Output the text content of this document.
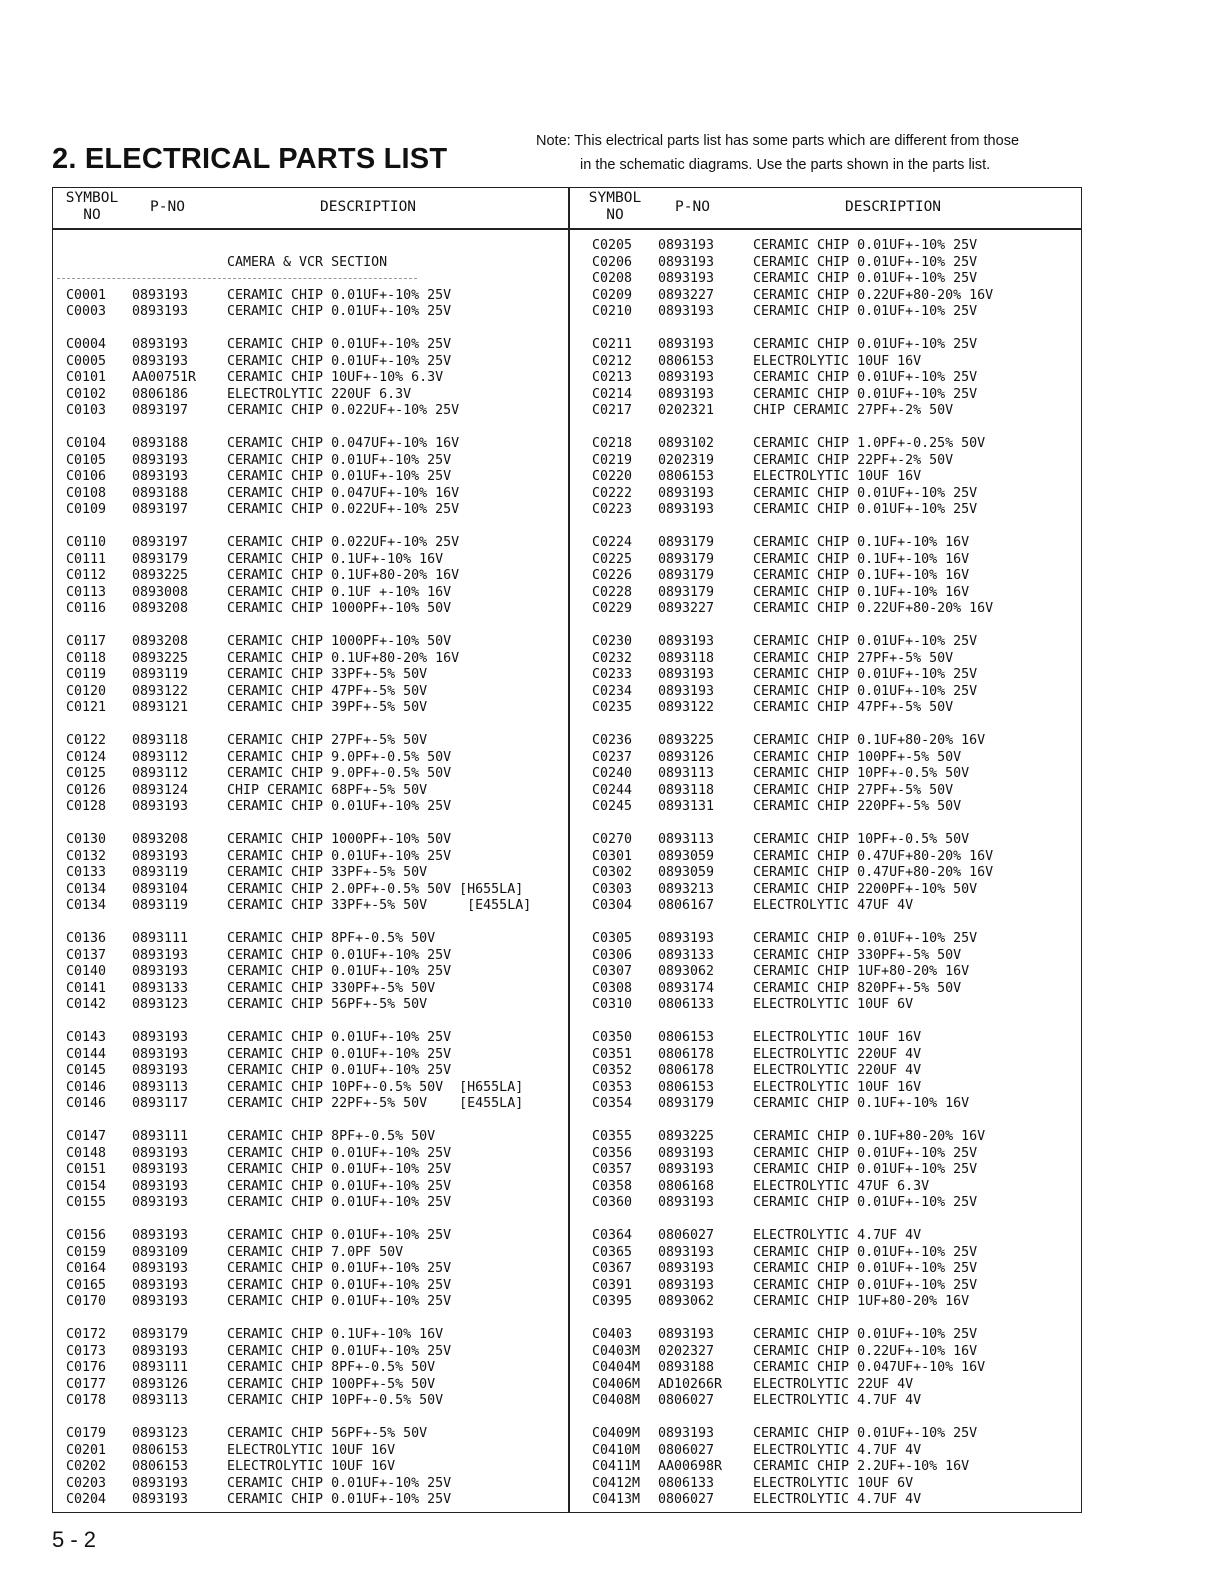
2. ELECTRICAL PARTS LIST
Note: This electrical parts list has some parts which are different from those
in the schematic diagrams. Use the parts shown in the parts list.
SYMBOL
NO	P-NO	DESCRIPTION
SYMBOL
NO	P-NO	DESCRIPTION
CAMERA & VCR SECTION
C0001	0893193	CERAMIC CHIP 0.01UF+-10% 25V
C0003	0893193	CERAMIC CHIP 0.01UF+-10% 25V
C0004	0893193	CERAMIC CHIP 0.01UF+-10% 25V
C0005	0893193	CERAMIC CHIP 0.01UF+-10% 25V
C0101	AA00751R	CERAMIC CHIP 10UF+-10% 6.3V
C0102	0806186	ELECTROLYTIC 220UF 6.3V
C0103	0893197	CERAMIC CHIP 0.022UF+-10% 25V
C0104	0893188	CERAMIC CHIP 0.047UF+-10% 16V
C0105	0893193	CERAMIC CHIP 0.01UF+-10% 25V
C0106	0893193	CERAMIC CHIP 0.01UF+-10% 25V
C0108	0893188	CERAMIC CHIP 0.047UF+-10% 16V
C0109	0893197	CERAMIC CHIP 0.022UF+-10% 25V
C0110	0893197	CERAMIC CHIP 0.022UF+-10% 25V
C0111	0893179	CERAMIC CHIP 0.1UF+-10% 16V
C0112	0893225	CERAMIC CHIP 0.1UF+80-20% 16V
C0113	0893008	CERAMIC CHIP 0.1UF +-10% 16V
C0116	0893208	CERAMIC CHIP 1000PF+-10% 50V
C0117	0893208	CERAMIC CHIP 1000PF+-10% 50V
C0118	0893225	CERAMIC CHIP 0.1UF+80-20% 16V
C0119	0893119	CERAMIC CHIP 33PF+-5% 50V
C0120	0893122	CERAMIC CHIP 47PF+-5% 50V
C0121	0893121	CERAMIC CHIP 39PF+-5% 50V
C0122	0893118	CERAMIC CHIP 27PF+-5% 50V
C0124	0893112	CERAMIC CHIP 9.0PF+-0.5% 50V
C0125	0893112	CERAMIC CHIP 9.0PF+-0.5% 50V
C0126	0893124	CHIP CERAMIC 68PF+-5% 50V
C0128	0893193	CERAMIC CHIP 0.01UF+-10% 25V
C0130	0893208	CERAMIC CHIP 1000PF+-10% 50V
C0132	0893193	CERAMIC CHIP 0.01UF+-10% 25V
C0133	0893119	CERAMIC CHIP 33PF+-5% 50V
C0134	0893104	CERAMIC CHIP 2.0PF+-0.5% 50V [H655LA]
C0134	0893119	CERAMIC CHIP 33PF+-5% 50V     [E455LA]
C0136	0893111	CERAMIC CHIP 8PF+-0.5% 50V
C0137	0893193	CERAMIC CHIP 0.01UF+-10% 25V
C0140	0893193	CERAMIC CHIP 0.01UF+-10% 25V
C0141	0893133	CERAMIC CHIP 330PF+-5% 50V
C0142	0893123	CERAMIC CHIP 56PF+-5% 50V
C0143	0893193	CERAMIC CHIP 0.01UF+-10% 25V
C0144	0893193	CERAMIC CHIP 0.01UF+-10% 25V
C0145	0893193	CERAMIC CHIP 0.01UF+-10% 25V
C0146	0893113	CERAMIC CHIP 10PF+-0.5% 50V  [H655LA]
C0146	0893117	CERAMIC CHIP 22PF+-5% 50V    [E455LA]
C0147	0893111	CERAMIC CHIP 8PF+-0.5% 50V
C0148	0893193	CERAMIC CHIP 0.01UF+-10% 25V
C0151	0893193	CERAMIC CHIP 0.01UF+-10% 25V
C0154	0893193	CERAMIC CHIP 0.01UF+-10% 25V
C0155	0893193	CERAMIC CHIP 0.01UF+-10% 25V
C0156	0893193	CERAMIC CHIP 0.01UF+-10% 25V
C0159	0893109	CERAMIC CHIP 7.0PF 50V
C0164	0893193	CERAMIC CHIP 0.01UF+-10% 25V
C0165	0893193	CERAMIC CHIP 0.01UF+-10% 25V
C0170	0893193	CERAMIC CHIP 0.01UF+-10% 25V
C0172	0893179	CERAMIC CHIP 0.1UF+-10% 16V
C0173	0893193	CERAMIC CHIP 0.01UF+-10% 25V
C0176	0893111	CERAMIC CHIP 8PF+-0.5% 50V
C0177	0893126	CERAMIC CHIP 100PF+-5% 50V
C0178	0893113	CERAMIC CHIP 10PF+-0.5% 50V
C0179	0893123	CERAMIC CHIP 56PF+-5% 50V
C0201	0806153	ELECTROLYTIC 10UF 16V
C0202	0806153	ELECTROLYTIC 10UF 16V
C0203	0893193	CERAMIC CHIP 0.01UF+-10% 25V
C0204	0893193	CERAMIC CHIP 0.01UF+-10% 25V
C0205	0893193	CERAMIC CHIP 0.01UF+-10% 25V
C0206	0893193	CERAMIC CHIP 0.01UF+-10% 25V
C0208	0893193	CERAMIC CHIP 0.01UF+-10% 25V
C0209	0893227	CERAMIC CHIP 0.22UF+80-20% 16V
C0210	0893193	CERAMIC CHIP 0.01UF+-10% 25V
C0211	0893193	CERAMIC CHIP 0.01UF+-10% 25V
C0212	0806153	ELECTROLYTIC 10UF 16V
C0213	0893193	CERAMIC CHIP 0.01UF+-10% 25V
C0214	0893193	CERAMIC CHIP 0.01UF+-10% 25V
C0217	0202321	CHIP CERAMIC 27PF+-2% 50V
C0218	0893102	CERAMIC CHIP 1.0PF+-0.25% 50V
C0219	0202319	CERAMIC CHIP 22PF+-2% 50V
C0220	0806153	ELECTROLYTIC 10UF 16V
C0222	0893193	CERAMIC CHIP 0.01UF+-10% 25V
C0223	0893193	CERAMIC CHIP 0.01UF+-10% 25V
C0224	0893179	CERAMIC CHIP 0.1UF+-10% 16V
C0225	0893179	CERAMIC CHIP 0.1UF+-10% 16V
C0226	0893179	CERAMIC CHIP 0.1UF+-10% 16V
C0228	0893179	CERAMIC CHIP 0.1UF+-10% 16V
C0229	0893227	CERAMIC CHIP 0.22UF+80-20% 16V
C0230	0893193	CERAMIC CHIP 0.01UF+-10% 25V
C0232	0893118	CERAMIC CHIP 27PF+-5% 50V
C0233	0893193	CERAMIC CHIP 0.01UF+-10% 25V
C0234	0893193	CERAMIC CHIP 0.01UF+-10% 25V
C0235	0893122	CERAMIC CHIP 47PF+-5% 50V
C0236	0893225	CERAMIC CHIP 0.1UF+80-20% 16V
C0237	0893126	CERAMIC CHIP 100PF+-5% 50V
C0240	0893113	CERAMIC CHIP 10PF+-0.5% 50V
C0244	0893118	CERAMIC CHIP 27PF+-5% 50V
C0245	0893131	CERAMIC CHIP 220PF+-5% 50V
C0270	0893113	CERAMIC CHIP 10PF+-0.5% 50V
C0301	0893059	CERAMIC CHIP 0.47UF+80-20% 16V
C0302	0893059	CERAMIC CHIP 0.47UF+80-20% 16V
C0303	0893213	CERAMIC CHIP 2200PF+-10% 50V
C0304	0806167	ELECTROLYTIC 47UF 4V
C0305	0893193	CERAMIC CHIP 0.01UF+-10% 25V
C0306	0893133	CERAMIC CHIP 330PF+-5% 50V
C0307	0893062	CERAMIC CHIP 1UF+80-20% 16V
C0308	0893174	CERAMIC CHIP 820PF+-5% 50V
C0310	0806133	ELECTROLYTIC 10UF 6V
C0350	0806153	ELECTROLYTIC 10UF 16V
C0351	0806178	ELECTROLYTIC 220UF 4V
C0352	0806178	ELECTROLYTIC 220UF 4V
C0353	0806153	ELECTROLYTIC 10UF 16V
C0354	0893179	CERAMIC CHIP 0.1UF+-10% 16V
C0355	0893225	CERAMIC CHIP 0.1UF+80-20% 16V
C0356	0893193	CERAMIC CHIP 0.01UF+-10% 25V
C0357	0893193	CERAMIC CHIP 0.01UF+-10% 25V
C0358	0806168	ELECTROLYTIC 47UF 6.3V
C0360	0893193	CERAMIC CHIP 0.01UF+-10% 25V
C0364	0806027	ELECTROLYTIC 4.7UF 4V
C0365	0893193	CERAMIC CHIP 0.01UF+-10% 25V
C0367	0893193	CERAMIC CHIP 0.01UF+-10% 25V
C0391	0893193	CERAMIC CHIP 0.01UF+-10% 25V
C0395	0893062	CERAMIC CHIP 1UF+80-20% 16V
C0403	0893193	CERAMIC CHIP 0.01UF+-10% 25V
C0403M	0202327	CERAMIC CHIP 0.22UF+-10% 16V
C0404M	0893188	CERAMIC CHIP 0.047UF+-10% 16V
C0406M	AD10266R	ELECTROLYTIC 22UF 4V
C0408M	0806027	ELECTROLYTIC 4.7UF 4V
C0409M	0893193	CERAMIC CHIP 0.01UF+-10% 25V
C0410M	0806027	ELECTROLYTIC 4.7UF 4V
C0411M	AA00698R	CERAMIC CHIP 2.2UF+-10% 16V
C0412M	0806133	ELECTROLYTIC 10UF 6V
C0413M	0806027	ELECTROLYTIC 4.7UF 4V
5 - 2
